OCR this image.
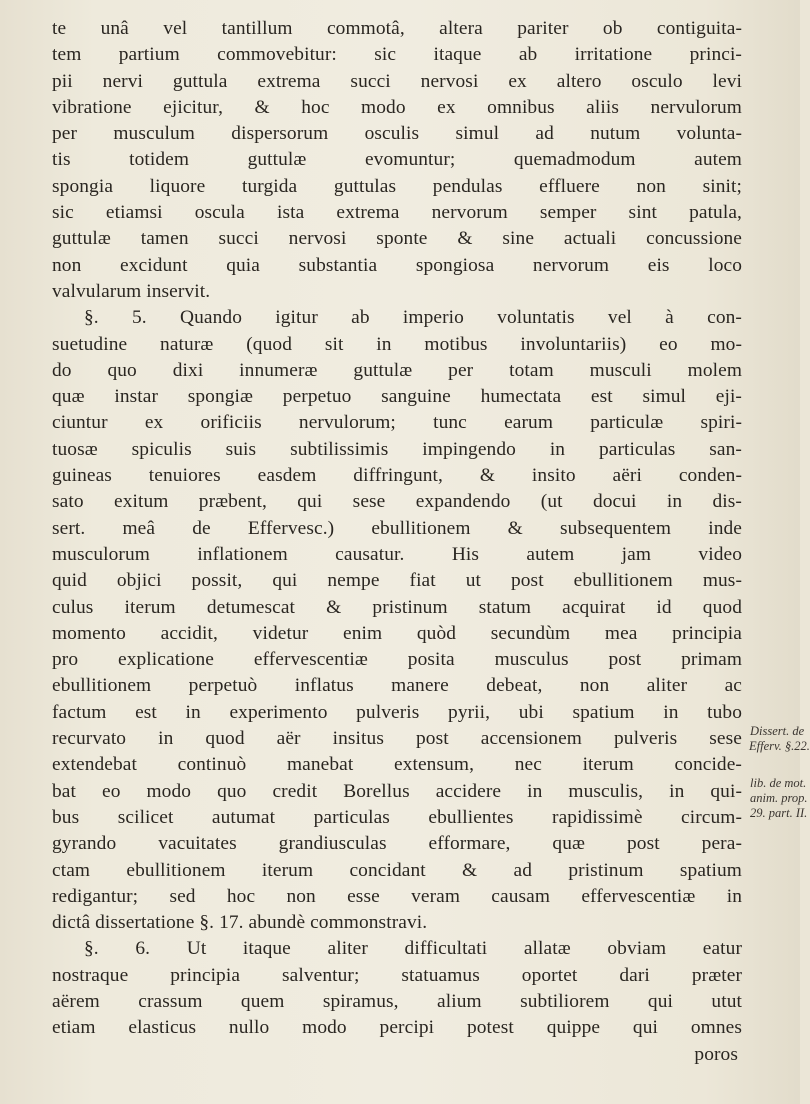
te unâ vel tantillum commotâ, altera pariter ob contiguita-
tem partium commovebitur: sic itaque ab irritatione princi-
pii nervi guttula extrema succi nervosi ex altero osculo levi
vibratione ejicitur, & hoc modo ex omnibus aliis nervulorum
per musculum dispersorum osculis simul ad nutum volunta-
tis totidem guttulæ evomuntur; quemadmodum autem
spongia liquore turgida guttulas pendulas effluere non sinit;
sic etiamsi oscula ista extrema nervorum semper sint patula,
guttulæ tamen succi nervosi sponte & sine actuali concussione
non excidunt quia substantia spongiosa nervorum eis loco
valvularum inservit.
§. 5. Quando igitur ab imperio voluntatis vel à con-
suetudine naturæ (quod sit in motibus involuntariis) eo mo-
do quo dixi innumeræ guttulæ per totam musculi molem
quæ instar spongiæ perpetuo sanguine humectata est simul eji-
ciuntur ex orificiis nervulorum; tunc earum particulæ spiri-
tuosæ spiculis suis subtilissimis impingendo in particulas san-
guineas tenuiores easdem diffringunt, & insito aëri conden-
sato exitum præbent, qui sese expandendo (ut docui in dis-
sert. meâ de Effervesc.) ebullitionem & subsequentem inde
musculorum inflationem causatur. His autem jam video
quid objici possit, qui nempe fiat ut post ebullitionem mus-
culus iterum detumescat & pristinum statum acquirat id quod
momento accidit, videtur enim quòd secundùm mea principia
pro explicatione effervescentiæ posita musculus post primam
ebullitionem perpetuò inflatus manere debeat, non aliter ac
factum est in experimento pulveris pyrii, ubi spatium in tubo
recurvato in quod aër insitus post accensionem pulveris sese
extendebat continuò manebat extensum, nec iterum concide-
bat eo modo quo credit Borellus accidere in musculis, in qui-
bus scilicet autumat particulas ebullientes rapidissimè circum-
gyrando vacuitates grandiusculas efformare, quæ post pera-
ctam ebullitionem iterum concidant & ad pristinum spatium
redigantur; sed hoc non esse veram causam effervescentiæ in
dictâ dissertatione §. 17. abundè commonstravi.
§. 6. Ut itaque aliter difficultati allatæ obviam eatur
nostraque principia salventur; statuamus oportet dari præter
aërem crassum quem spiramus, alium subtiliorem qui utut
etiam elasticus nullo modo percipi potest quippe qui omnes
poros
Dissert. de
Efferv. §.22.
lib. de mot.
anim. prop.
29. part. II.
